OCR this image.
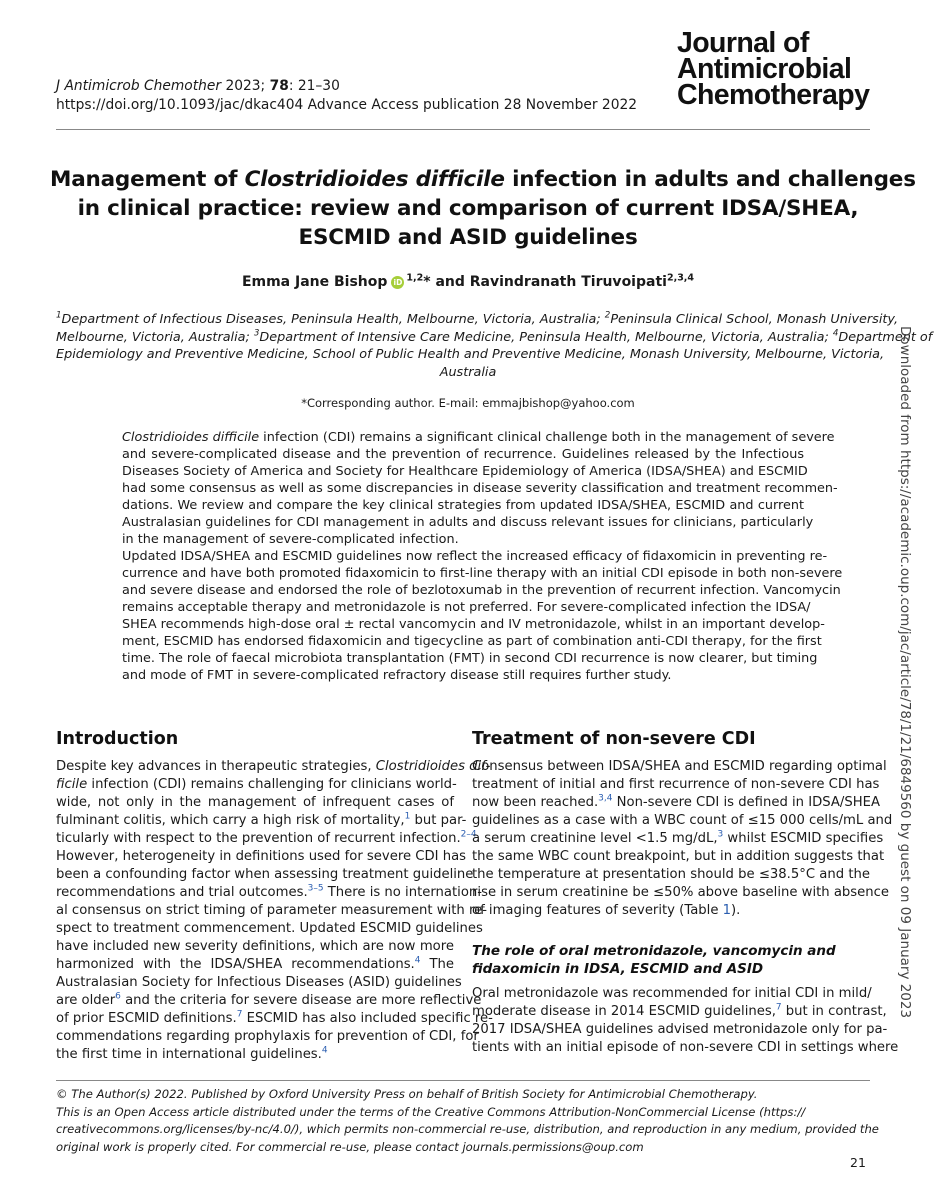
J Antimicrob Chemother 2023; 78: 21–30
https://doi.org/10.1093/jac/dkac404 Advance Access publication 28 November 2022
Journal of
Antimicrobial
Chemotherapy
Management of Clostridioides difficile infection in adults and challenges
in clinical practice: review and comparison of current IDSA/SHEA,
ESCMID and ASID guidelines
Emma Jane Bishop iD $^{1,2}$* and Ravindranath Tiruvoipati$^{2,3,4}$
$^1$Department of Infectious Diseases, Peninsula Health, Melbourne, Victoria, Australia; $^2$Peninsula Clinical School, Monash University,
Melbourne, Victoria, Australia; $^3$Department of Intensive Care Medicine, Peninsula Health, Melbourne, Victoria, Australia; $^4$Department of
Epidemiology and Preventive Medicine, School of Public Health and Preventive Medicine, Monash University, Melbourne, Victoria,
Australia
*Corresponding author. E-mail: emmajbishop@yahoo.com
Clostridioides difficile infection (CDI) remains a significant clinical challenge both in the management of severe
and severe-complicated disease and the prevention of recurrence. Guidelines released by the Infectious
Diseases Society of America and Society for Healthcare Epidemiology of America (IDSA/SHEA) and ESCMID
had some consensus as well as some discrepancies in disease severity classification and treatment recommen-
dations. We review and compare the key clinical strategies from updated IDSA/SHEA, ESCMID and current
Australasian guidelines for CDI management in adults and discuss relevant issues for clinicians, particularly
in the management of severe-complicated infection.
Updated IDSA/SHEA and ESCMID guidelines now reflect the increased efficacy of fidaxomicin in preventing re-
currence and have both promoted fidaxomicin to first-line therapy with an initial CDI episode in both non-severe
and severe disease and endorsed the role of bezlotoxumab in the prevention of recurrent infection. Vancomycin
remains acceptable therapy and metronidazole is not preferred. For severe-complicated infection the IDSA/
SHEA recommends high-dose oral ± rectal vancomycin and IV metronidazole, whilst in an important develop-
ment, ESCMID has endorsed fidaxomicin and tigecycline as part of combination anti-CDI therapy, for the first
time. The role of faecal microbiota transplantation (FMT) in second CDI recurrence is now clearer, but timing
and mode of FMT in severe-complicated refractory disease still requires further study.
Introduction
Despite key advances in therapeutic strategies, Clostridioides dif-
ficile infection (CDI) remains challenging for clinicians world-
wide, not only in the management of infrequent cases of
fulminant colitis, which carry a high risk of mortality,$^1$ but par-
ticularly with respect to the prevention of recurrent infection.$^{2-4}$
However, heterogeneity in definitions used for severe CDI has
been a confounding factor when assessing treatment guideline
recommendations and trial outcomes.$^{3-5}$ There is no internation-
al consensus on strict timing of parameter measurement with re-
spect to treatment commencement. Updated ESCMID guidelines
have included new severity definitions, which are now more
harmonized with the IDSA/SHEA recommendations.$^4$ The
Australasian Society for Infectious Diseases (ASID) guidelines
are older$^6$ and the criteria for severe disease are more reflective
of prior ESCMID definitions.$^7$ ESCMID has also included specific re-
commendations regarding prophylaxis for prevention of CDI, for
the first time in international guidelines.$^4$
Treatment of non-severe CDI
Consensus between IDSA/SHEA and ESCMID regarding optimal
treatment of initial and first recurrence of non-severe CDI has
now been reached.$^{3,4}$ Non-severe CDI is defined in IDSA/SHEA
guidelines as a case with a WBC count of ≤15 000 cells/mL and
a serum creatinine level <1.5 mg/dL,$^3$ whilst ESCMID specifies
the same WBC count breakpoint, but in addition suggests that
the temperature at presentation should be ≤38.5°C and the
rise in serum creatinine be ≤50% above baseline with absence
of imaging features of severity (Table 1).
The role of oral metronidazole, vancomycin and
fidaxomicin in IDSA, ESCMID and ASID
Oral metronidazole was recommended for initial CDI in mild/
moderate disease in 2014 ESCMID guidelines,$^7$ but in contrast,
2017 IDSA/SHEA guidelines advised metronidazole only for pa-
tients with an initial episode of non-severe CDI in settings where
© The Author(s) 2022. Published by Oxford University Press on behalf of British Society for Antimicrobial Chemotherapy.
This is an Open Access article distributed under the terms of the Creative Commons Attribution-NonCommercial License (https://
creativecommons.org/licenses/by-nc/4.0/), which permits non-commercial re-use, distribution, and reproduction in any medium, provided the
original work is properly cited. For commercial re-use, please contact journals.permissions@oup.com
21
Downloaded from https://academic.oup.com/jac/article/78/1/21/6849560 by guest on 09 January 2023
